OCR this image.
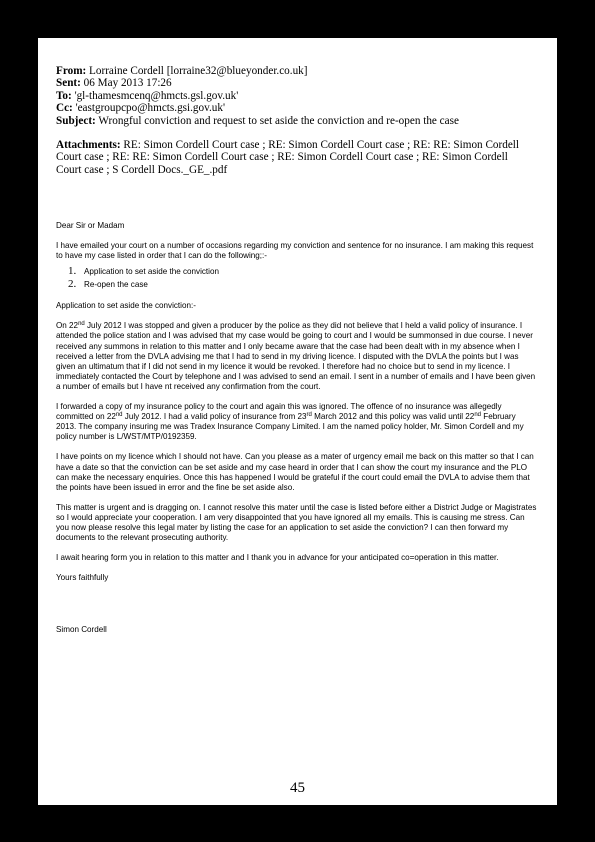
From: Lorraine Cordell [lorraine32@blueyonder.co.uk]
Sent: 06 May 2013 17:26
To: 'gl-thamesmcenq@hmcts.gsl.gov.uk'
Cc: 'eastgroupcpo@hmcts.gsi.gov.uk'
Subject: Wrongful conviction and request to set aside the conviction and re-open the case
Attachments: RE: Simon Cordell Court case ; RE: Simon Cordell Court case ; RE: RE: Simon Cordell Court case ; RE: RE: Simon Cordell Court case ; RE: Simon Cordell Court case ; RE: Simon Cordell Court case ; S Cordell Docs._GE_.pdf

Dear Sir or Madam

I have emailed your court on a number of occasions regarding my conviction and sentence for no insurance. I am making this request to have my case listed in order that I can do the following;:-

1. Application to set aside the conviction
2. Re-open the case

Application to set aside the conviction:-

On 22nd July 2012 I was stopped and given a producer by the police as they did not believe that I held a valid policy of insurance. I attended the police station and I was advised that my case would be going to court and I would be summonsed in due course. I never received any summons in relation to this matter and I only became aware that the case had been dealt with in my absence when I received a letter from the DVLA advising me that I had to send in my driving licence. I disputed with the DVLA the points but I was given an ultimatum that if I did not send in my licence it would be revoked. I therefore had no choice but to send in my licence. I immediately contacted the Court by telephone and I was advised to send an email. I sent in a number of emails and I have been given a number of emails but I have nt received any confirmation from the court.

I forwarded a copy of my insurance policy to the court and again this was ignored. The offence of no insurance was allegedly committed on 22nd July 2012. I had a valid policy of insurance from 23rd March 2012 and this policy was valid until 22nd February 2013. The company insuring me was Tradex Insurance Company Limited. I am the named policy holder, Mr. Simon Cordell and my policy number is L/WST/MTP/0192359.

I have points on my licence which I should not have. Can you please as a mater of urgency email me back on this matter so that I can have a date so that the conviction can be set aside and my case heard in order that I can show the court my insurance and the PLO can make the necessary enquiries. Once this has happened I would be grateful if the court could email the DVLA to advise them that the points have been issued in error and the fine be set aside also.

This matter is urgent and is dragging on. I cannot resolve this mater until the case is listed before either a District Judge or Magistrates so I would appreciate your cooperation. I am very disappointed that you have ignored all my emails. This is causing me stress. Can you now please resolve this legal mater by listing the case for an application to set aside the conviction? I can then forward my documents to the relevant prosecuting authority.

I await hearing form you in relation to this matter and I thank you in advance for your anticipated co=operation in this matter.

Yours faithfully

Simon Cordell

45
